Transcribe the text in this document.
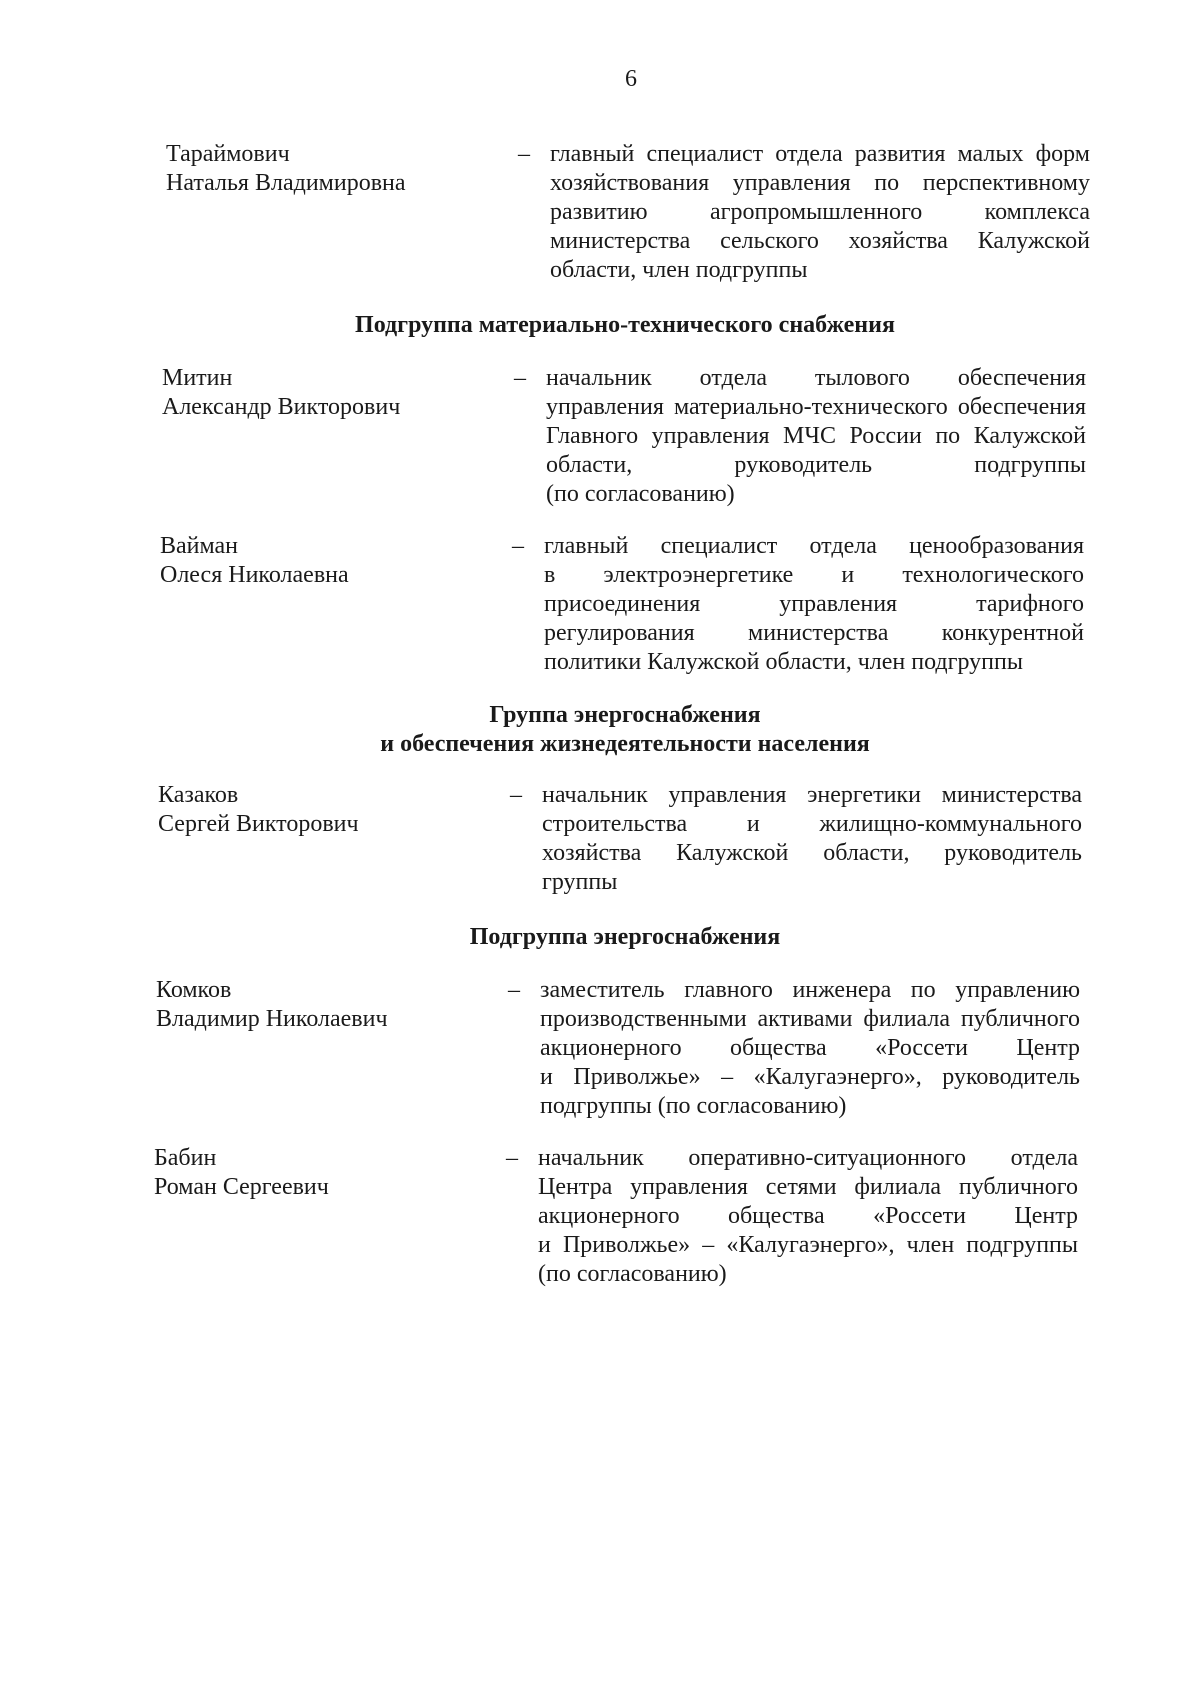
6
Тараймович
Наталья Владимировна
– главный специалист отдела развития малых форм
хозяйствования управления по перспективному
развитию агропромышленного комплекса
министерства сельского хозяйства Калужской
области, член подгруппы
Подгруппа материально-технического снабжения
Митин
Александр Викторович
– начальник отдела тылового обеспечения
управления материально-технического обеспечения
Главного управления МЧС России по Калужской
области, руководитель подгруппы
(по согласованию)
Вайман
Олеся Николаевна
– главный специалист отдела ценообразования
в электроэнергетике и технологического
присоединения управления тарифного
регулирования министерства конкурентной
политики Калужской области, член подгруппы
Группа энергоснабжения
и обеспечения жизнедеятельности населения
Казаков
Сергей Викторович
– начальник управления энергетики министерства
строительства и жилищно-коммунального
хозяйства Калужской области, руководитель
группы
Подгруппа энергоснабжения
Комков
Владимир Николаевич
– заместитель главного инженера по управлению
производственными активами филиала публичного
акционерного общества «Россети Центр
и Приволжье» – «Калугаэнерго», руководитель
подгруппы (по согласованию)
Бабин
Роман Сергеевич
– начальник оперативно-ситуационного отдела
Центра управления сетями филиала публичного
акционерного общества «Россети Центр
и Приволжье» – «Калугаэнерго», член подгруппы
(по согласованию)
